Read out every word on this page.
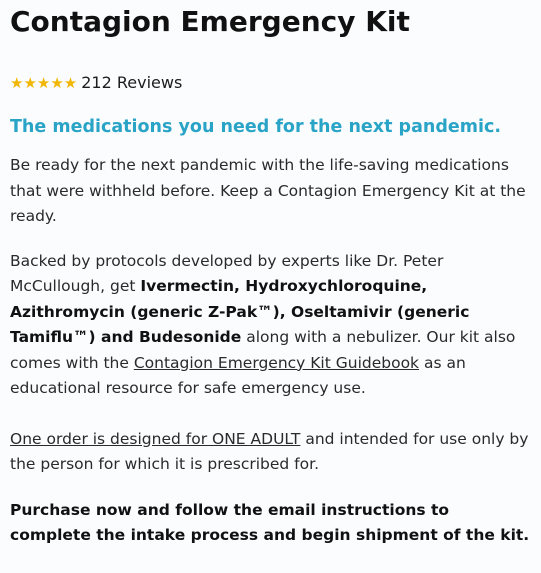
Contagion Emergency Kit
★★★★★ 212 Reviews
The medications you need for the next pandemic.

Be ready for the next pandemic with the life-saving medications that were withheld before. Keep a Contagion Emergency Kit at the ready.

Backed by protocols developed by experts like Dr. Peter McCullough, get Ivermectin, Hydroxychloroquine, Azithromycin (generic Z-Pak™), Oseltamivir (generic Tamiflu™) and Budesonide along with a nebulizer. Our kit also comes with the Contagion Emergency Kit Guidebook as an educational resource for safe emergency use.

One order is designed for ONE ADULT and intended for use only by the person for which it is prescribed for.

Purchase now and follow the email instructions to complete the intake process and begin shipment of the kit.
